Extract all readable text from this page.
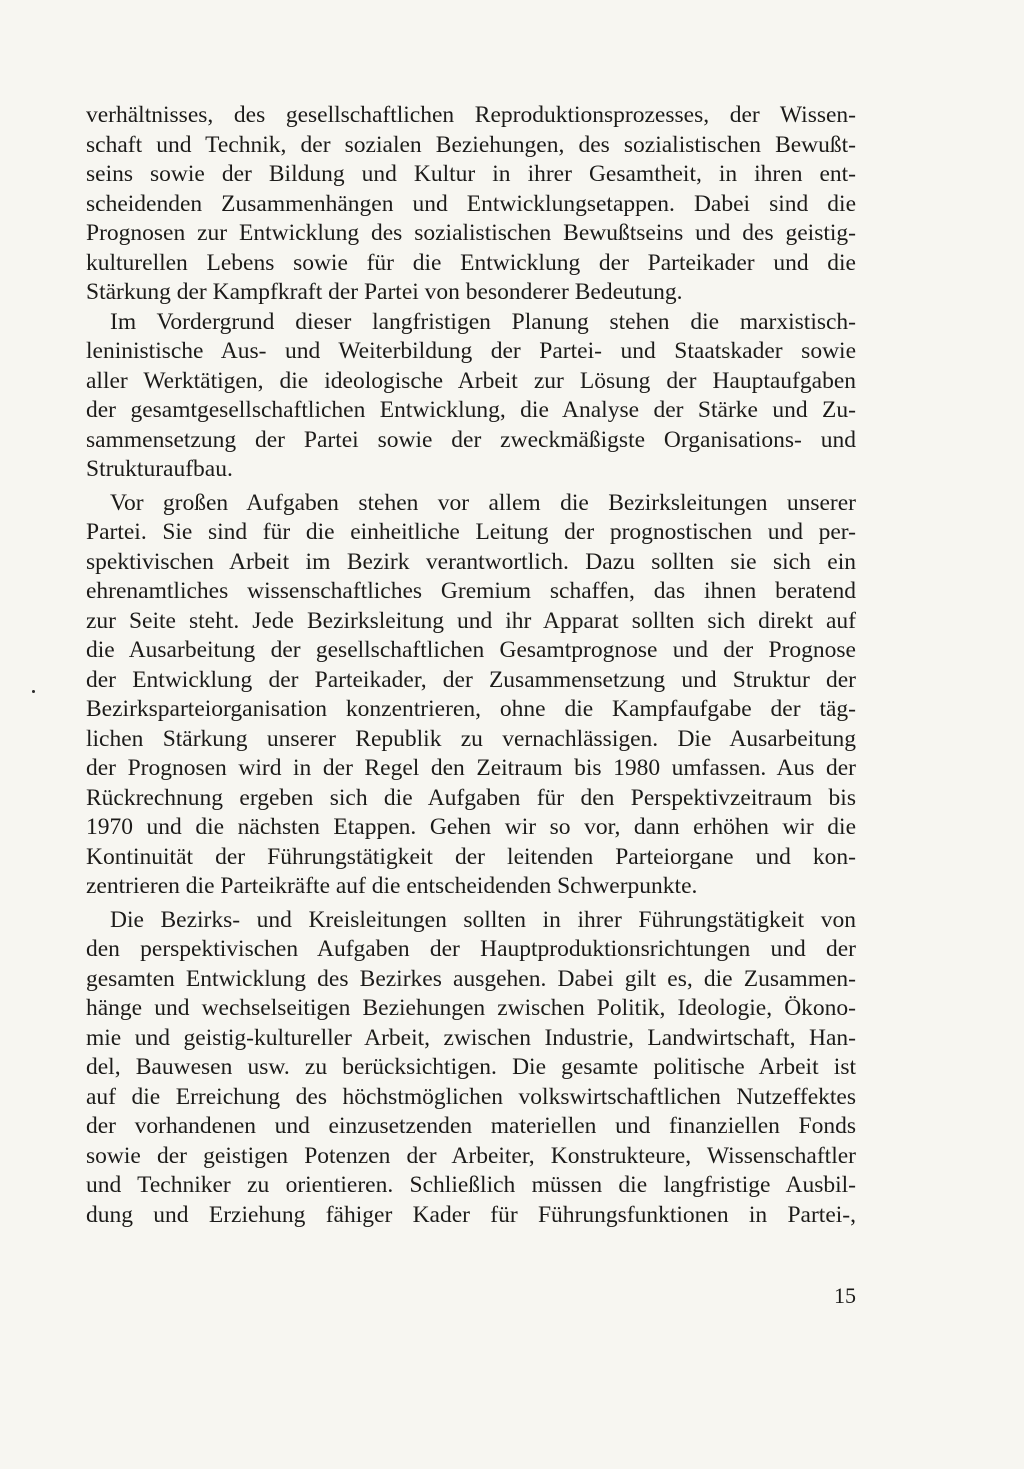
verhältnisses, des gesellschaftlichen Reproduktionsprozesses, der Wissen-
schaft und Technik, der sozialen Beziehungen, des sozialistischen Bewußt-
seins sowie der Bildung und Kultur in ihrer Gesamtheit, in ihren ent-
scheidenden Zusammenhängen und Entwicklungsetappen. Dabei sind die
Prognosen zur Entwicklung des sozialistischen Bewußtseins und des geistig-
kulturellen Lebens sowie für die Entwicklung der Parteikader und die
Stärkung der Kampfkraft der Partei von besonderer Bedeutung.
Im Vordergrund dieser langfristigen Planung stehen die marxistisch-
leninistische Aus- und Weiterbildung der Partei- und Staatskader sowie
aller Werktätigen, die ideologische Arbeit zur Lösung der Hauptaufgaben
der gesamtgesellschaftlichen Entwicklung, die Analyse der Stärke und Zu-
sammensetzung der Partei sowie der zweckmäßigste Organisations- und
Strukturaufbau.
Vor großen Aufgaben stehen vor allem die Bezirksleitungen unserer
Partei. Sie sind für die einheitliche Leitung der prognostischen und per-
spektivischen Arbeit im Bezirk verantwortlich. Dazu sollten sie sich ein
ehrenamtliches wissenschaftliches Gremium schaffen, das ihnen beratend
zur Seite steht. Jede Bezirksleitung und ihr Apparat sollten sich direkt auf
die Ausarbeitung der gesellschaftlichen Gesamtprognose und der Prognose
der Entwicklung der Parteikader, der Zusammensetzung und Struktur der
Bezirksparteiorganisation konzentrieren, ohne die Kampfaufgabe der täg-
lichen Stärkung unserer Republik zu vernachlässigen. Die Ausarbeitung
der Prognosen wird in der Regel den Zeitraum bis 1980 umfassen. Aus der
Rückrechnung ergeben sich die Aufgaben für den Perspektivzeitraum bis
1970 und die nächsten Etappen. Gehen wir so vor, dann erhöhen wir die
Kontinuität der Führungstätigkeit der leitenden Parteiorgane und kon-
zentrieren die Parteikräfte auf die entscheidenden Schwerpunkte.
Die Bezirks- und Kreisleitungen sollten in ihrer Führungstätigkeit von
den perspektivischen Aufgaben der Hauptproduktionsrichtungen und der
gesamten Entwicklung des Bezirkes ausgehen. Dabei gilt es, die Zusammen-
hänge und wechselseitigen Beziehungen zwischen Politik, Ideologie, Ökono-
mie und geistig-kultureller Arbeit, zwischen Industrie, Landwirtschaft, Han-
del, Bauwesen usw. zu berücksichtigen. Die gesamte politische Arbeit ist
auf die Erreichung des höchstmöglichen volkswirtschaftlichen Nutzeffektes
der vorhandenen und einzusetzenden materiellen und finanziellen Fonds
sowie der geistigen Potenzen der Arbeiter, Konstrukteure, Wissenschaftler
und Techniker zu orientieren. Schließlich müssen die langfristige Ausbil-
dung und Erziehung fähiger Kader für Führungsfunktionen in Partei-,
15
